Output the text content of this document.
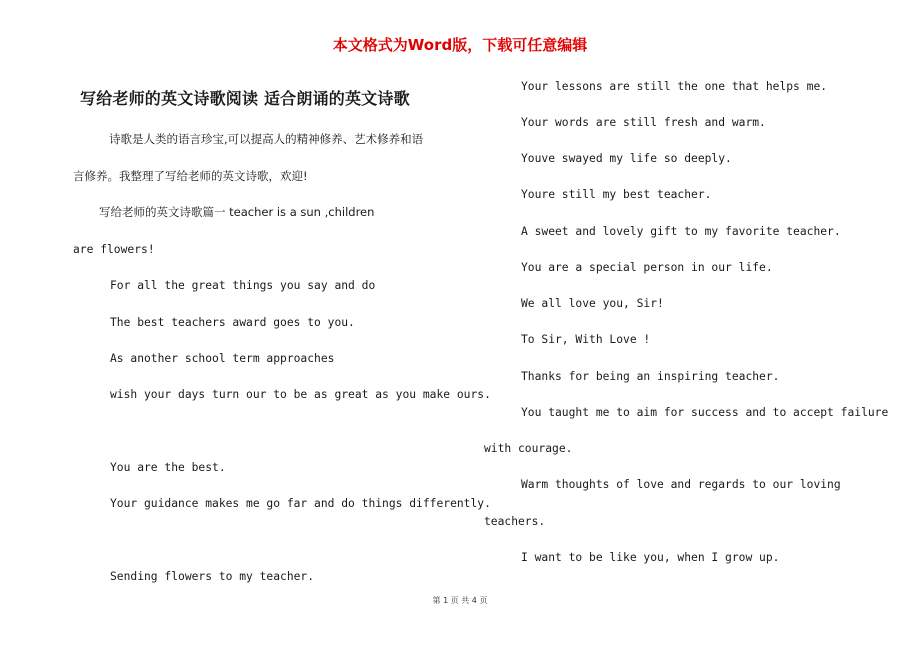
本文格式为Word版，下载可任意编辑
写给老师的英文诗歌阅读 适合朗诵的英文诗歌
诗歌是人类的语言珍宝,可以提高人的精神修养、艺术修养和语
言修养。我整理了写给老师的英文诗歌，欢迎!
写给老师的英文诗歌篇一 teacher is a sun ,children
are flowers!
For all the great things you say and do
The best teachers award goes to you.
As another school term approaches
wish your days turn our to be as great as you make ours.
You are the best.
Your guidance makes me go far and do things differently.
Sending flowers to my teacher.
Your lessons are still the one that helps me.
Your words are still fresh and warm.
Youve swayed my life so deeply.
Youre still my best teacher.
A sweet and lovely gift to my favorite teacher.
You are a special person in our life.
We all love you, Sir!
To Sir, With Love !
Thanks for being an inspiring teacher.
You taught me to aim for success and to accept failure
with courage.
Warm thoughts of love and regards to our loving
teachers.
I want to be like you, when I grow up.
第 1 页 共 4 页
